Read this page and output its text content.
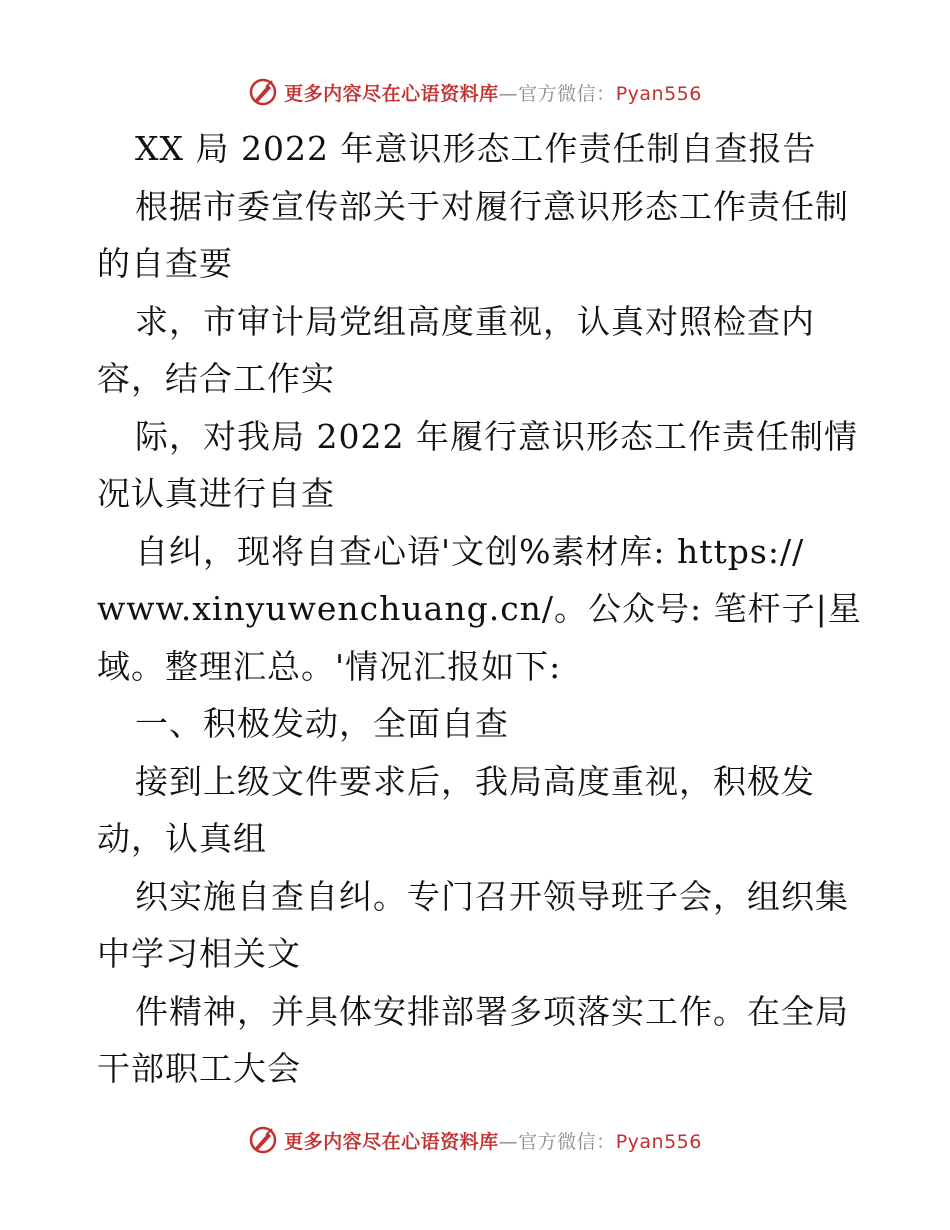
更多内容尽在心语资料库—官方微信：Pyan556
XX 局 2022 年意识形态工作责任制自查报告
根据市委宣传部关于对履行意识形态工作责任制
的自查要
求，市审计局党组高度重视，认真对照检查内
容，结合工作实
际，对我局 2022 年履行意识形态工作责任制情
况认真进行自查
自纠，现将自查心语'文创%素材库: https://
www.xinyuwenchuang.cn/。公众号: 笔杆子|星
域。整理汇总。'情况汇报如下:
一、积极发动，全面自查
接到上级文件要求后，我局高度重视，积极发
动，认真组
织实施自查自纠。专门召开领导班子会，组织集
中学习相关文
件精神，并具体安排部署多项落实工作。在全局
干部职工大会
更多内容尽在心语资料库—官方微信：Pyan556
